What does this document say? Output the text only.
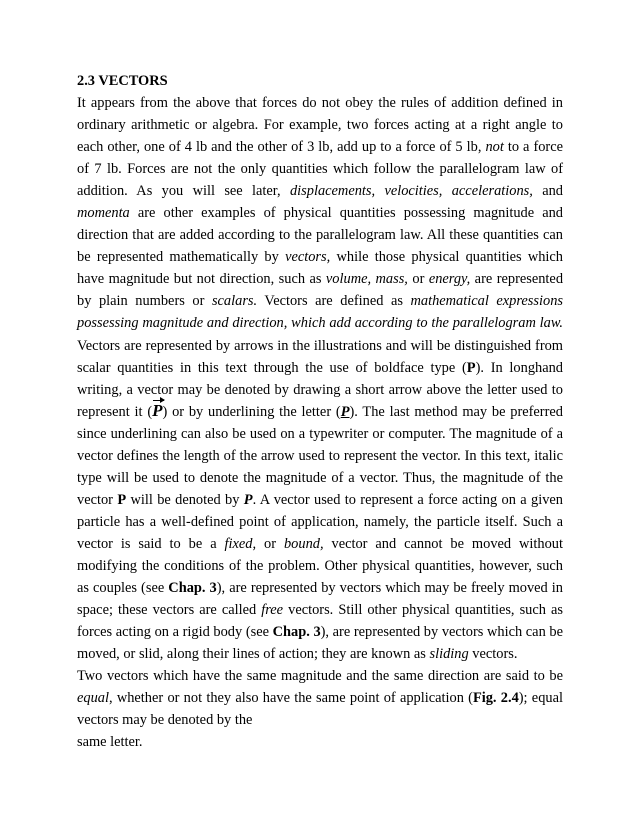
2.3 VECTORS

It appears from the above that forces do not obey the rules of addition defined in ordinary arithmetic or algebra. For example, two forces acting at a right angle to each other, one of 4 lb and the other of 3 lb, add up to a force of 5 lb, not to a force of 7 lb. Forces are not the only quantities which follow the parallelogram law of addition. As you will see later, displacements, velocities, accelerations, and momenta are other examples of physical quantities possessing magnitude and direction that are added according to the parallelogram law. All these quantities can be represented mathematically by vectors, while those physical quantities which have magnitude but not direction, such as volume, mass, or energy, are represented by plain numbers or scalars. Vectors are defined as mathematical expressions possessing magnitude and direction, which add according to the parallelogram law. Vectors are represented by arrows in the illustrations and will be distinguished from scalar quantities in this text through the use of boldface type (P). In longhand writing, a vector may be denoted by drawing a short arrow above the letter used to represent it (P) or by underlining the letter (P). The last method may be preferred since underlining can also be used on a typewriter or computer. The magnitude of a vector defines the length of the arrow used to represent the vector. In this text, italic type will be used to denote the magnitude of a vector. Thus, the magnitude of the vector P will be denoted by P. A vector used to represent a force acting on a given particle has a well-defined point of application, namely, the particle itself. Such a vector is said to be a fixed, or bound, vector and cannot be moved without modifying the conditions of the problem. Other physical quantities, however, such as couples (see Chap. 3), are represented by vectors which may be freely moved in space; these vectors are called free vectors. Still other physical quantities, such as forces acting on a rigid body (see Chap. 3), are represented by vectors which can be moved, or slid, along their lines of action; they are known as sliding vectors.

Two vectors which have the same magnitude and the same direction are said to be equal, whether or not they also have the same point of application (Fig. 2.4); equal vectors may be denoted by the

same letter.
